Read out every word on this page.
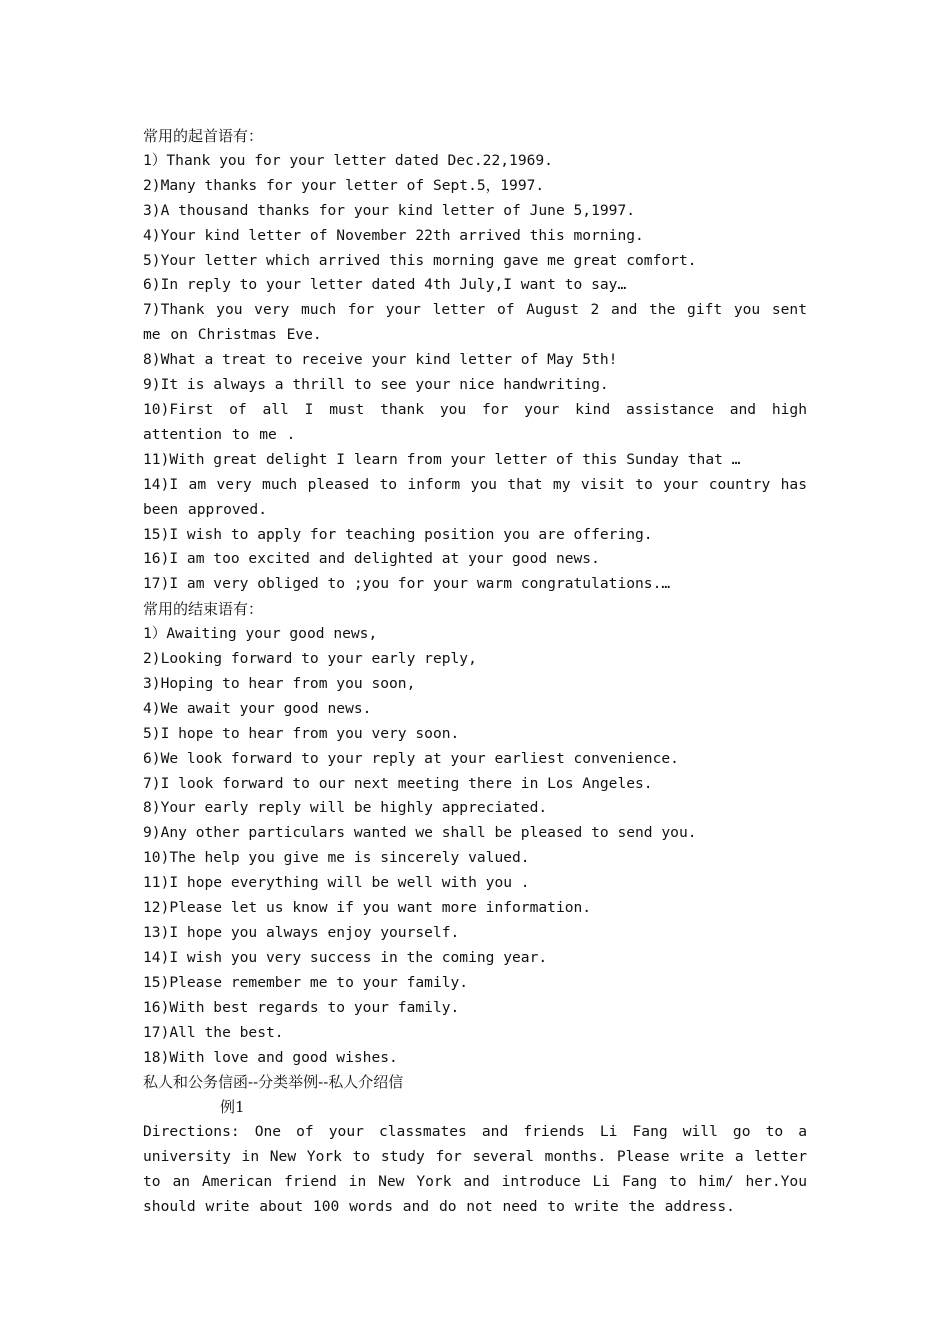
常用的起首语有：
1）Thank you for your letter dated Dec.22,1969.
2)Many thanks for your letter of Sept.5，1997.
3)A thousand thanks for your kind letter of June 5,1997.
4)Your kind letter of November 22th arrived this morning.
5)Your letter which arrived this morning gave me great comfort.
6)In reply to your letter dated 4th July,I want to say…
7)Thank you very much for your letter of August 2 and the gift you sent me on Christmas Eve.
8)What a treat to receive your kind letter of May 5th!
9)It is always a thrill to see your nice handwriting.
10)First of all I must thank you for your kind assistance and high attention to me .
11)With great delight I learn from your letter of this Sunday that …
14)I am very much pleased to inform you that my visit to your country has been approved.
15)I wish to apply for teaching position you are offering.
16)I am too excited and delighted at your good news.
17)I am very obliged to ;you for your warm congratulations.…
常用的结束语有：
1）Awaiting your good news,
2)Looking forward to your early reply,
3)Hoping to hear from you soon,
4)We await your good news.
5)I hope to hear from you very soon.
6)We look forward to your reply at your earliest convenience.
7)I look forward to our next meeting there in Los Angeles.
8)Your early reply will be highly appreciated.
9)Any other particulars wanted we shall be pleased to send you.
10)The help you give me is sincerely valued.
11)I hope everything will be well with you .
12)Please let us know if you want more information.
13)I hope you always enjoy yourself.
14)I wish you very success in the coming year.
15)Please remember me to your family.
16)With best regards to your family.
17)All the best.
18)With love and good wishes.
私人和公务信函--分类举例--私人介绍信
例1
Directions: One of your classmates and friends Li Fang will go to a university in New York to study for several months. Please write a letter to an American friend in New York and introduce Li Fang to him/ her.You should write about 100 words and do not need to write the address.
